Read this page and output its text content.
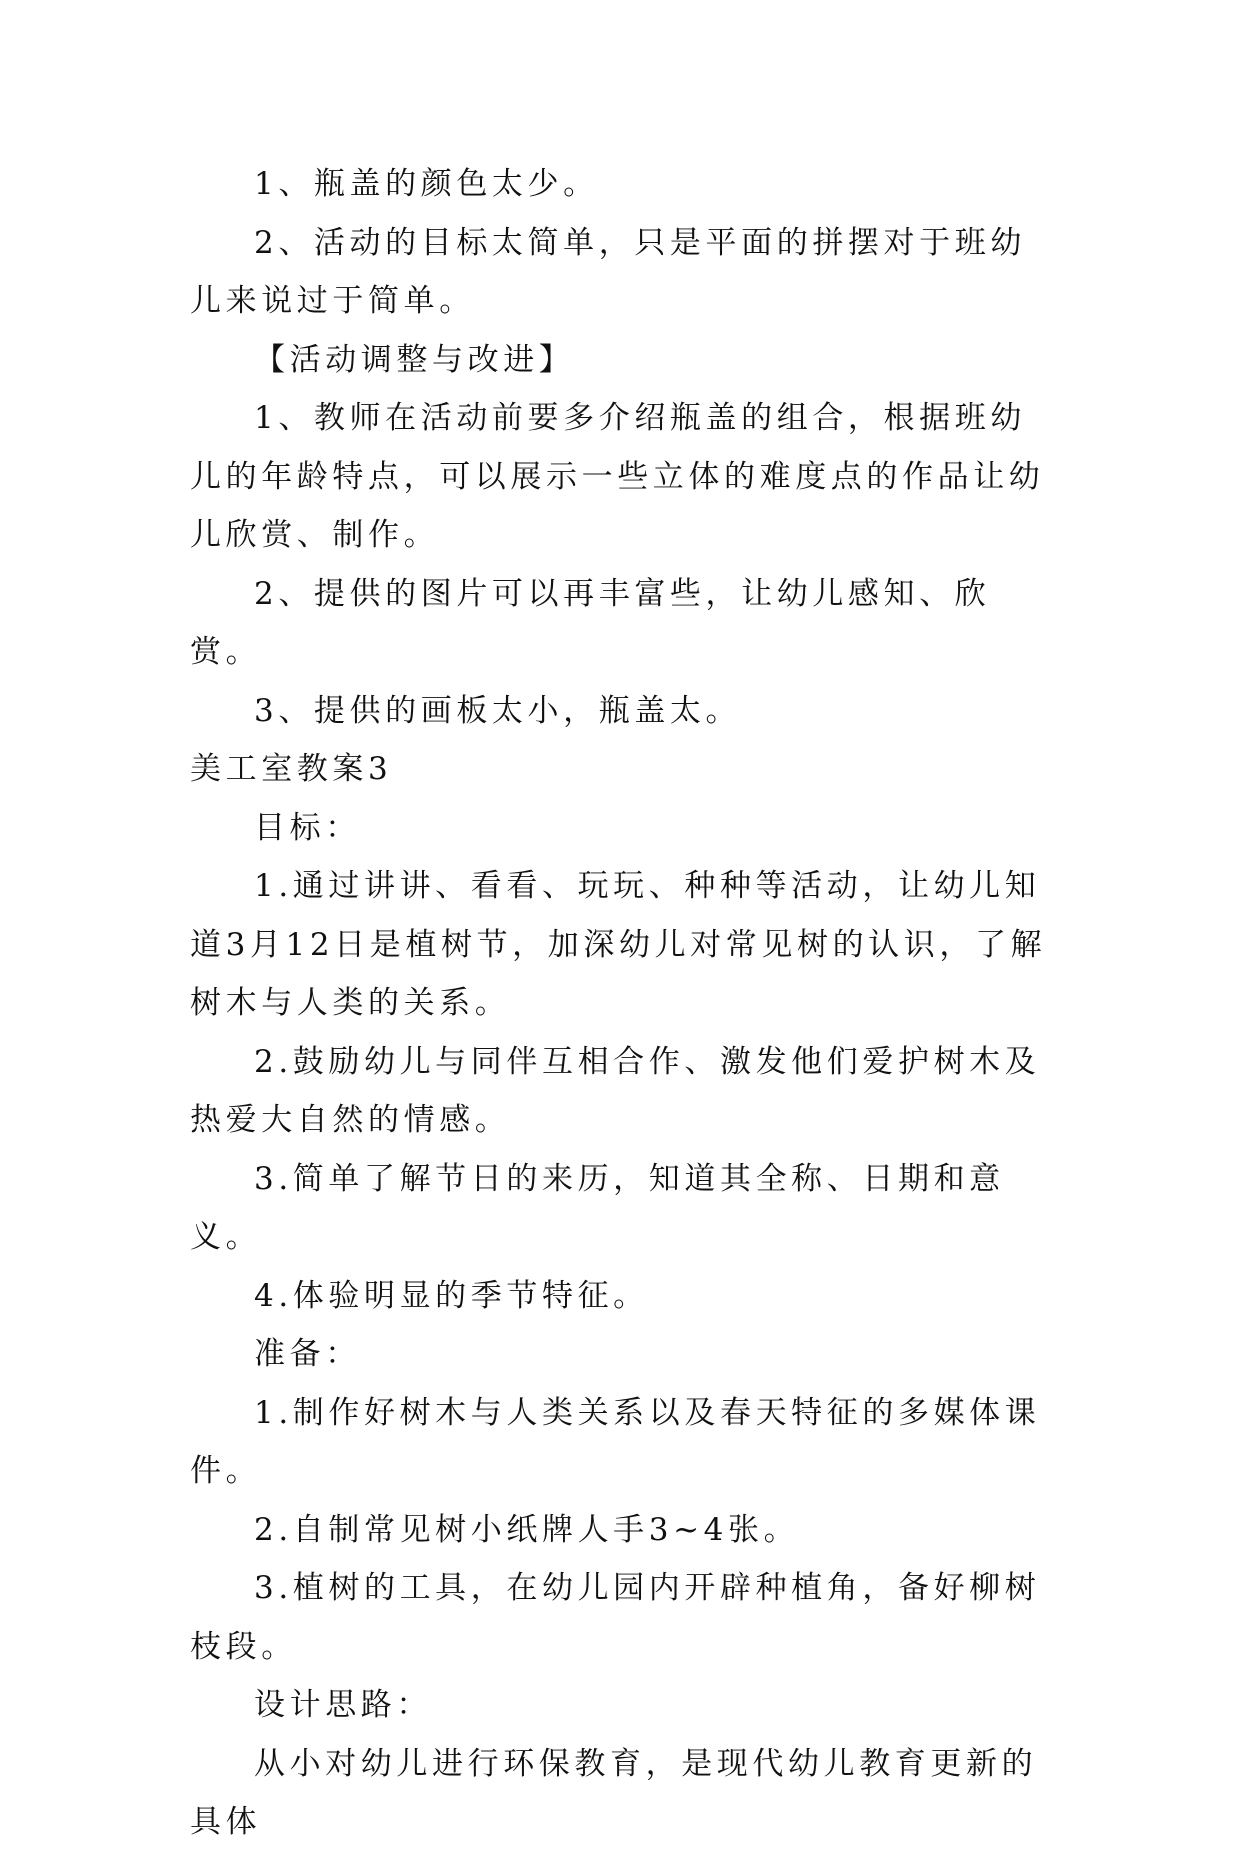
1、瓶盖的颜色太少。

2、活动的目标太简单，只是平面的拼摆对于班幼儿来说过于简单。

【活动调整与改进】

1、教师在活动前要多介绍瓶盖的组合，根据班幼儿的年龄特点，可以展示一些立体的难度点的作品让幼儿欣赏、制作。

2、提供的图片可以再丰富些，让幼儿感知、欣赏。

3、提供的画板太小，瓶盖太。

美工室教案3

目标：

1.通过讲讲、看看、玩玩、种种等活动，让幼儿知道3月12日是植树节，加深幼儿对常见树的认识，了解树木与人类的关系。

2.鼓励幼儿与同伴互相合作、激发他们爱护树木及热爱大自然的情感。

3.简单了解节日的来历，知道其全称、日期和意义。

4.体验明显的季节特征。

准备：

1.制作好树木与人类关系以及春天特征的多媒体课件。

2.自制常见树小纸牌人手3~4张。

3.植树的工具，在幼儿园内开辟种植角，备好柳树枝段。

设计思路：

从小对幼儿进行环保教育，是现代幼儿教育更新的具体
